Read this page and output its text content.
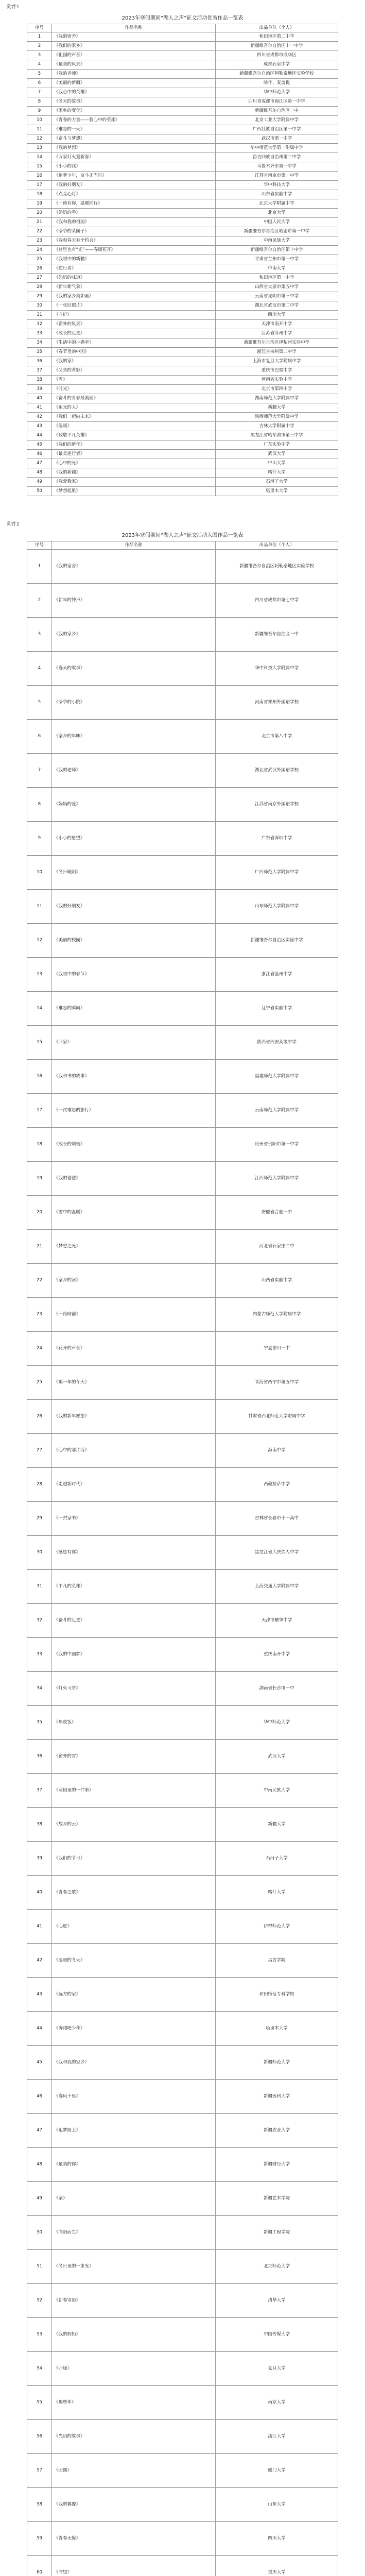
附件1
2023年寒假期间“湖人之声”征文活动优秀作品一览表
序号	作品名称	出品单位（个人）
1	《我的宿舍》	和田地区第二中学
2	《我们的家乡》	新疆维吾尔自治区十一中学
3	《祖国的声音》	四川省成都市成华区
4	《最美的风景》	成都石室中学
5	《我的老师》	新疆维吾尔自治区阿勒泰地区实验学校
6	《美丽的新疆》	喀什、麦盖提
7	《我心中的英雄》	华中师范大学
8	《冬天的故事》	四川省成都市锦江区第一中学
9	《家乡的变化》	新疆维吾尔自治区一中
10	《青春的力量——我心中的英雄》	北京工业大学附属中学
11	《难忘的一天》	广西壮族自治区第一中学
12	《奋斗与梦想》	武汉市第一中学
13	《我的梦想》	华中师范大学第一附属中学
14	《万家灯火迎新春》	昌吉回族自治州第二中学
15	《小小的我》	乌鲁木齐市第一中学
16	《追梦少年，奋斗正当时》	江苏省南京市第一中学
17	《我的好朋友》	华中科技大学
18	《点亮心灯》	山东省实验中学
19	《一路有你，温暖同行》	北京大学附属中学
20	《奶奶的手》	北京大学
21	《我和我的祖国》	中国人民大学
22	《爷爷的菜园子》	新疆维吾尔自治区哈密市第一中学
23	《我和春天有个约会》	中南民族大学
24	《这里也有“光”——春暖花开》	新疆维吾尔自治区第十中学
25	《我眼中的新疆》	甘肃省兰州市第一中学
26	《逆行者》	中南大学
27	《妈妈的味道》	和田地区第一中学
28	《新年新气象》	山西省太原市第五中学
29	《我的家乡美如画》	云南省昆明市第三中学
30	《一张旧照片》	湖北省武汉市第二中学
31	《守护》	四川大学
32	《窗外的风景》	天津市南开中学
33	《成长的足迹》	江苏省苏州中学
34	《生活中的小确幸》	新疆维吾尔自治区伊犁州实验中学
35	《春节里的中国》	浙江省杭州第二中学
36	《我的家》	上海市复旦大学附属中学
37	《父亲的背影》	重庆市巴蜀中学
38	《雪》	河南省实验中学
39	《时光》	北京市第四中学
40	《奋斗的青春最美丽》	湖南师范大学附属中学
41	《追光的人》	新疆大学
42	《我们一起向未来》	陕西师范大学附属中学
43	《温暖》	吉林大学附属中学
44	《致敬平凡英雄》	黑龙江省哈尔滨市第三中学
45	《我们的新年》	广东实验中学
46	《最美逆行者》	武汉大学
47	《心中的光》	中山大学
48	《我的新疆》	喀什大学
49	《我爱我家》	石河子大学
50	《梦想起航》	塔里木大学
附件2
2023年寒假期间“湖人之声”征文活动入围作品一览表
序号	作品名称	出品单位（个人）
1	《我的宿舍》	新疆维吾尔自治区阿勒泰地区实验学校
2	《新年的钟声》	四川省成都市第七中学
3	《我的家乡》	新疆维吾尔自治区一中
4	《春天的故事》	华中科技大学附属中学
5	《爷爷的小院》	河南省郑州外国语学校
6	《家乡的年味》	北京市第八中学
7	《我的老师》	湖北省武汉外国语学校
8	《妈妈的爱》	江苏省南京外国语学校
9	《小小的愿望》	广东省深圳中学
10	《冬日暖阳》	广西师范大学附属中学
11	《我的好朋友》	山东师范大学附属中学
12	《美丽的校园》	新疆维吾尔自治区实验中学
13	《我眼中的春节》	浙江省温州中学
14	《难忘的瞬间》	辽宁省实验中学
15	《回家》	陕西省西安高级中学
16	《我和书的故事》	福建师范大学附属中学
17	《一次难忘的旅行》	云南师范大学附属中学
18	《成长的烦恼》	贵州省贵阳市第一中学
19	《我的爸爸》	江西师范大学附属中学
20	《雪中的温暖》	安徽省合肥一中
21	《梦想之光》	河北省石家庄二中
22	《家乡的河》	山西省实验中学
23	《一路向前》	内蒙古师范大学附属中学
24	《花开的声音》	宁夏银川一中
25	《那一年的冬天》	青海省西宁市第五中学
26	《我的新年愿望》	甘肃省西北师范大学附属中学
27	《心中的那片海》	海南中学
28	《走进新时代》	西藏拉萨中学
29	《一封家书》	吉林省长春市十一高中
30	《感恩有你》	黑龙江省大庆铁人中学
31	《平凡的英雄》	上海交通大学附属中学
32	《奋斗的足迹》	天津市耀华中学
33	《我的中国梦》	重庆南开中学
34	《灯火可亲》	湖南省长沙市一中
35	《年夜饭》	华中师范大学
36	《窗外的雪》	武汉大学
37	《寒假里的一件事》	中南民族大学
38	《故乡的云》	新疆大学
39	《我们的节日》	石河子大学
40	《青春之歌》	喀什大学
41	《心愿》	伊犁师范大学
42	《温暖的冬天》	昌吉学院
43	《远方的家》	和田师范专科学校
44	《奔跑吧少年》	塔里木大学
45	《我和我的家乡》	新疆师范大学
46	《春风十里》	新疆医科大学
47	《追梦路上》	新疆农业大学
48	《最美的你》	新疆财经大学
49	《家》	新疆艺术学院
50	《向阳而生》	新疆工程学院
51	《冬日里的一束光》	北京师范大学
52	《新春寄语》	清华大学
53	《我的奶奶》	中国传媒大学
54	《归途》	复旦大学
55	《那些年》	南京大学
56	《光阴的故事》	浙江大学
57	《团圆》	厦门大学
58	《我的偶像》	山东大学
59	《青春无悔》	四川大学
60	《守望》	重庆大学
